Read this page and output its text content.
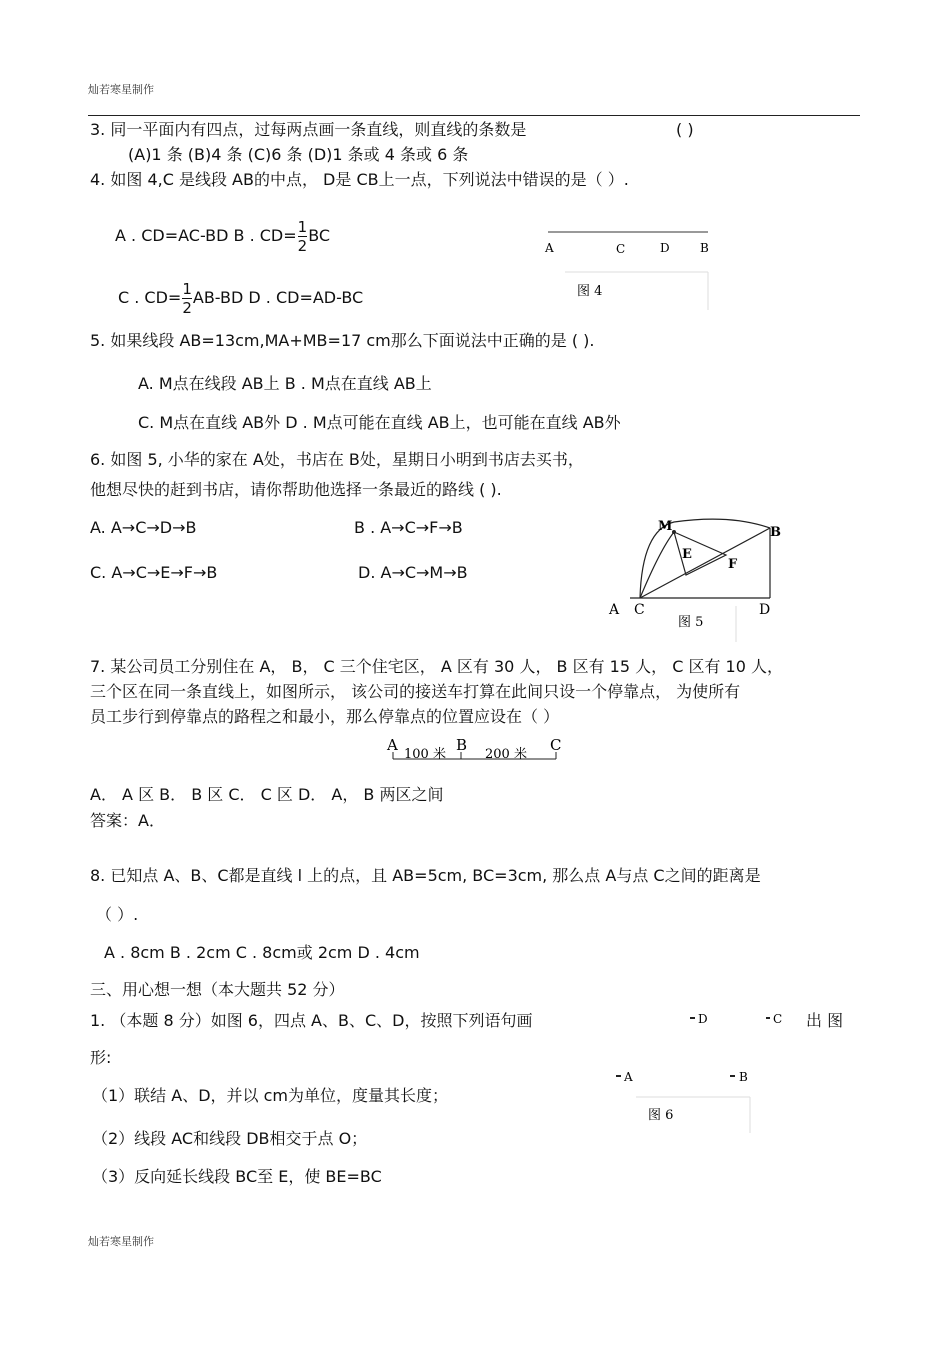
灿若寒星制作
3. 同一平面内有四点，过每两点画一条直线，则直线的条数是	( )
(A)1 条 (B)4 条 (C)6 条 (D)1 条或 4 条或 6 条
4. 如图 4,C 是线段 AB的中点， D是 CB上一点，下列说法中错误的是（ ）.
A . CD=AC-BD B . $CD= \frac{1}{2}$ BC
C . $CD= \frac{1}{2} AB-BD$ D . CD=AD-BC
A	C	D	B
图 4
5. 如果线段 AB=13cm,MA+MB=17 cm那么下面说法中正确的是 ( ).
A. M点在线段 AB上 B . M点在直线 AB上
C. M点在直线 AB外 D . M点可能在直线 AB上，也可能在直线 AB外
6. 如图 5, 小华的家在 A处，书店在 B处，星期日小明到书店去买书，
他想尽快的赶到书店，请你帮助他选择一条最近的路线 ( ).
A. A→C→D→B	B . A→C→F→B
C. A→C→E→F→B	D. A→C→M→B
M
E
F
B
A C	D
图 5
7. 某公司员工分别住在 A， B， C 三个住宅区， A 区有 30 人， B 区有 15 人， C 区有 10 人，
三个区在同一条直线上，如图所示， 该公司的接送车打算在此间只设一个停靠点， 为使所有
员工步行到停靠点的路程之和最小，那么停靠点的位置应设在（ ）
A	B	C
100 米	200 米
A． A 区 B． B 区 C． C 区 D． A， B 两区之间
答案：A．
8. 已知点 A、B、C都是直线 l 上的点，且 AB=5cm, BC=3cm, 那么点 A与点 C之间的距离是
（ ）.
A . 8cm B . 2cm C . 8cm或 2cm D . 4cm
三、用心想一想（本大题共 52 分）
1. （本题 8 分）如图 6，四点 A、B、C、D，按照下列语句画	出 图
形:
（1）联结 A、D，并以 cm为单位，度量其长度；
（2）线段 AC和线段 DB相交于点 O；
（3）反向延长线段 BC至 E，使 BE=BC
D	C
A	B
图 6
灿若寒星制作
